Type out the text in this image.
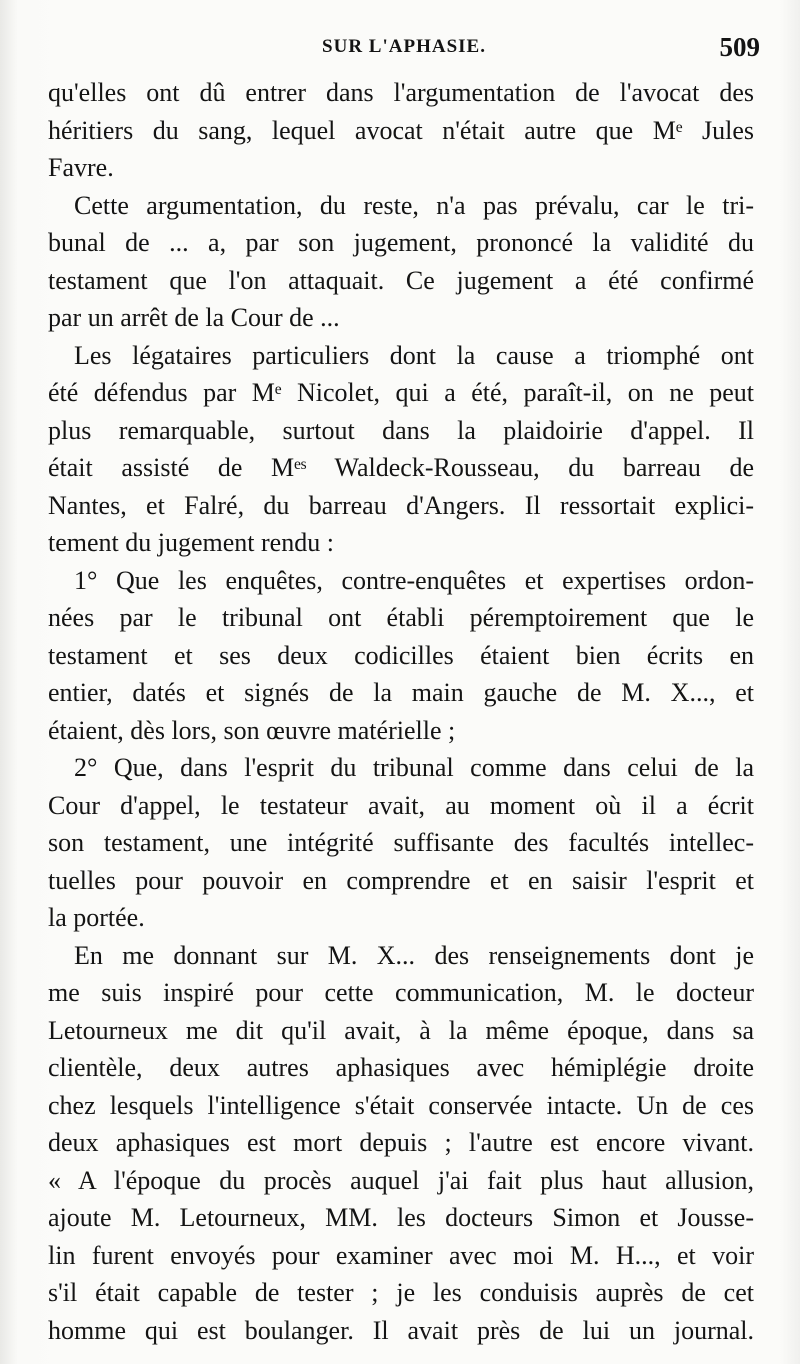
SUR L'APHASIE.	509
qu'elles ont dû entrer dans l'argumentation de l'avocat des
héritiers du sang, lequel avocat n'était autre que Mᵉ Jules
Favre.
Cette argumentation, du reste, n'a pas prévalu, car le tri-
bunal de ... a, par son jugement, prononcé la validité du
testament que l'on attaquait. Ce jugement a été confirmé
par un arrêt de la Cour de ...
Les légataires particuliers dont la cause a triomphé ont
été défendus par Mᵉ Nicolet, qui a été, paraît-il, on ne peut
plus remarquable, surtout dans la plaidoirie d'appel. Il
était assisté de Mᵉˢ Waldeck-Rousseau, du barreau de
Nantes, et Falré, du barreau d'Angers. Il ressortait explici-
tement du jugement rendu :
1° Que les enquêtes, contre-enquêtes et expertises ordon-
nées par le tribunal ont établi péremptoirement que le
testament et ses deux codicilles étaient bien écrits en
entier, datés et signés de la main gauche de M. X..., et
étaient, dès lors, son œuvre matérielle ;
2° Que, dans l'esprit du tribunal comme dans celui de la
Cour d'appel, le testateur avait, au moment où il a écrit
son testament, une intégrité suffisante des facultés intellec-
tuelles pour pouvoir en comprendre et en saisir l'esprit et
la portée.
En me donnant sur M. X... des renseignements dont je
me suis inspiré pour cette communication, M. le docteur
Letourneux me dit qu'il avait, à la même époque, dans sa
clientèle, deux autres aphasiques avec hémiplégie droite
chez lesquels l'intelligence s'était conservée intacte. Un de ces
deux aphasiques est mort depuis ; l'autre est encore vivant.
« A l'époque du procès auquel j'ai fait plus haut allusion,
ajoute M. Letourneux, MM. les docteurs Simon et Jousse-
lin furent envoyés pour examiner avec moi M. H..., et voir
s'il était capable de tester ; je les conduisis auprès de cet
homme qui est boulanger. Il avait près de lui un journal.
